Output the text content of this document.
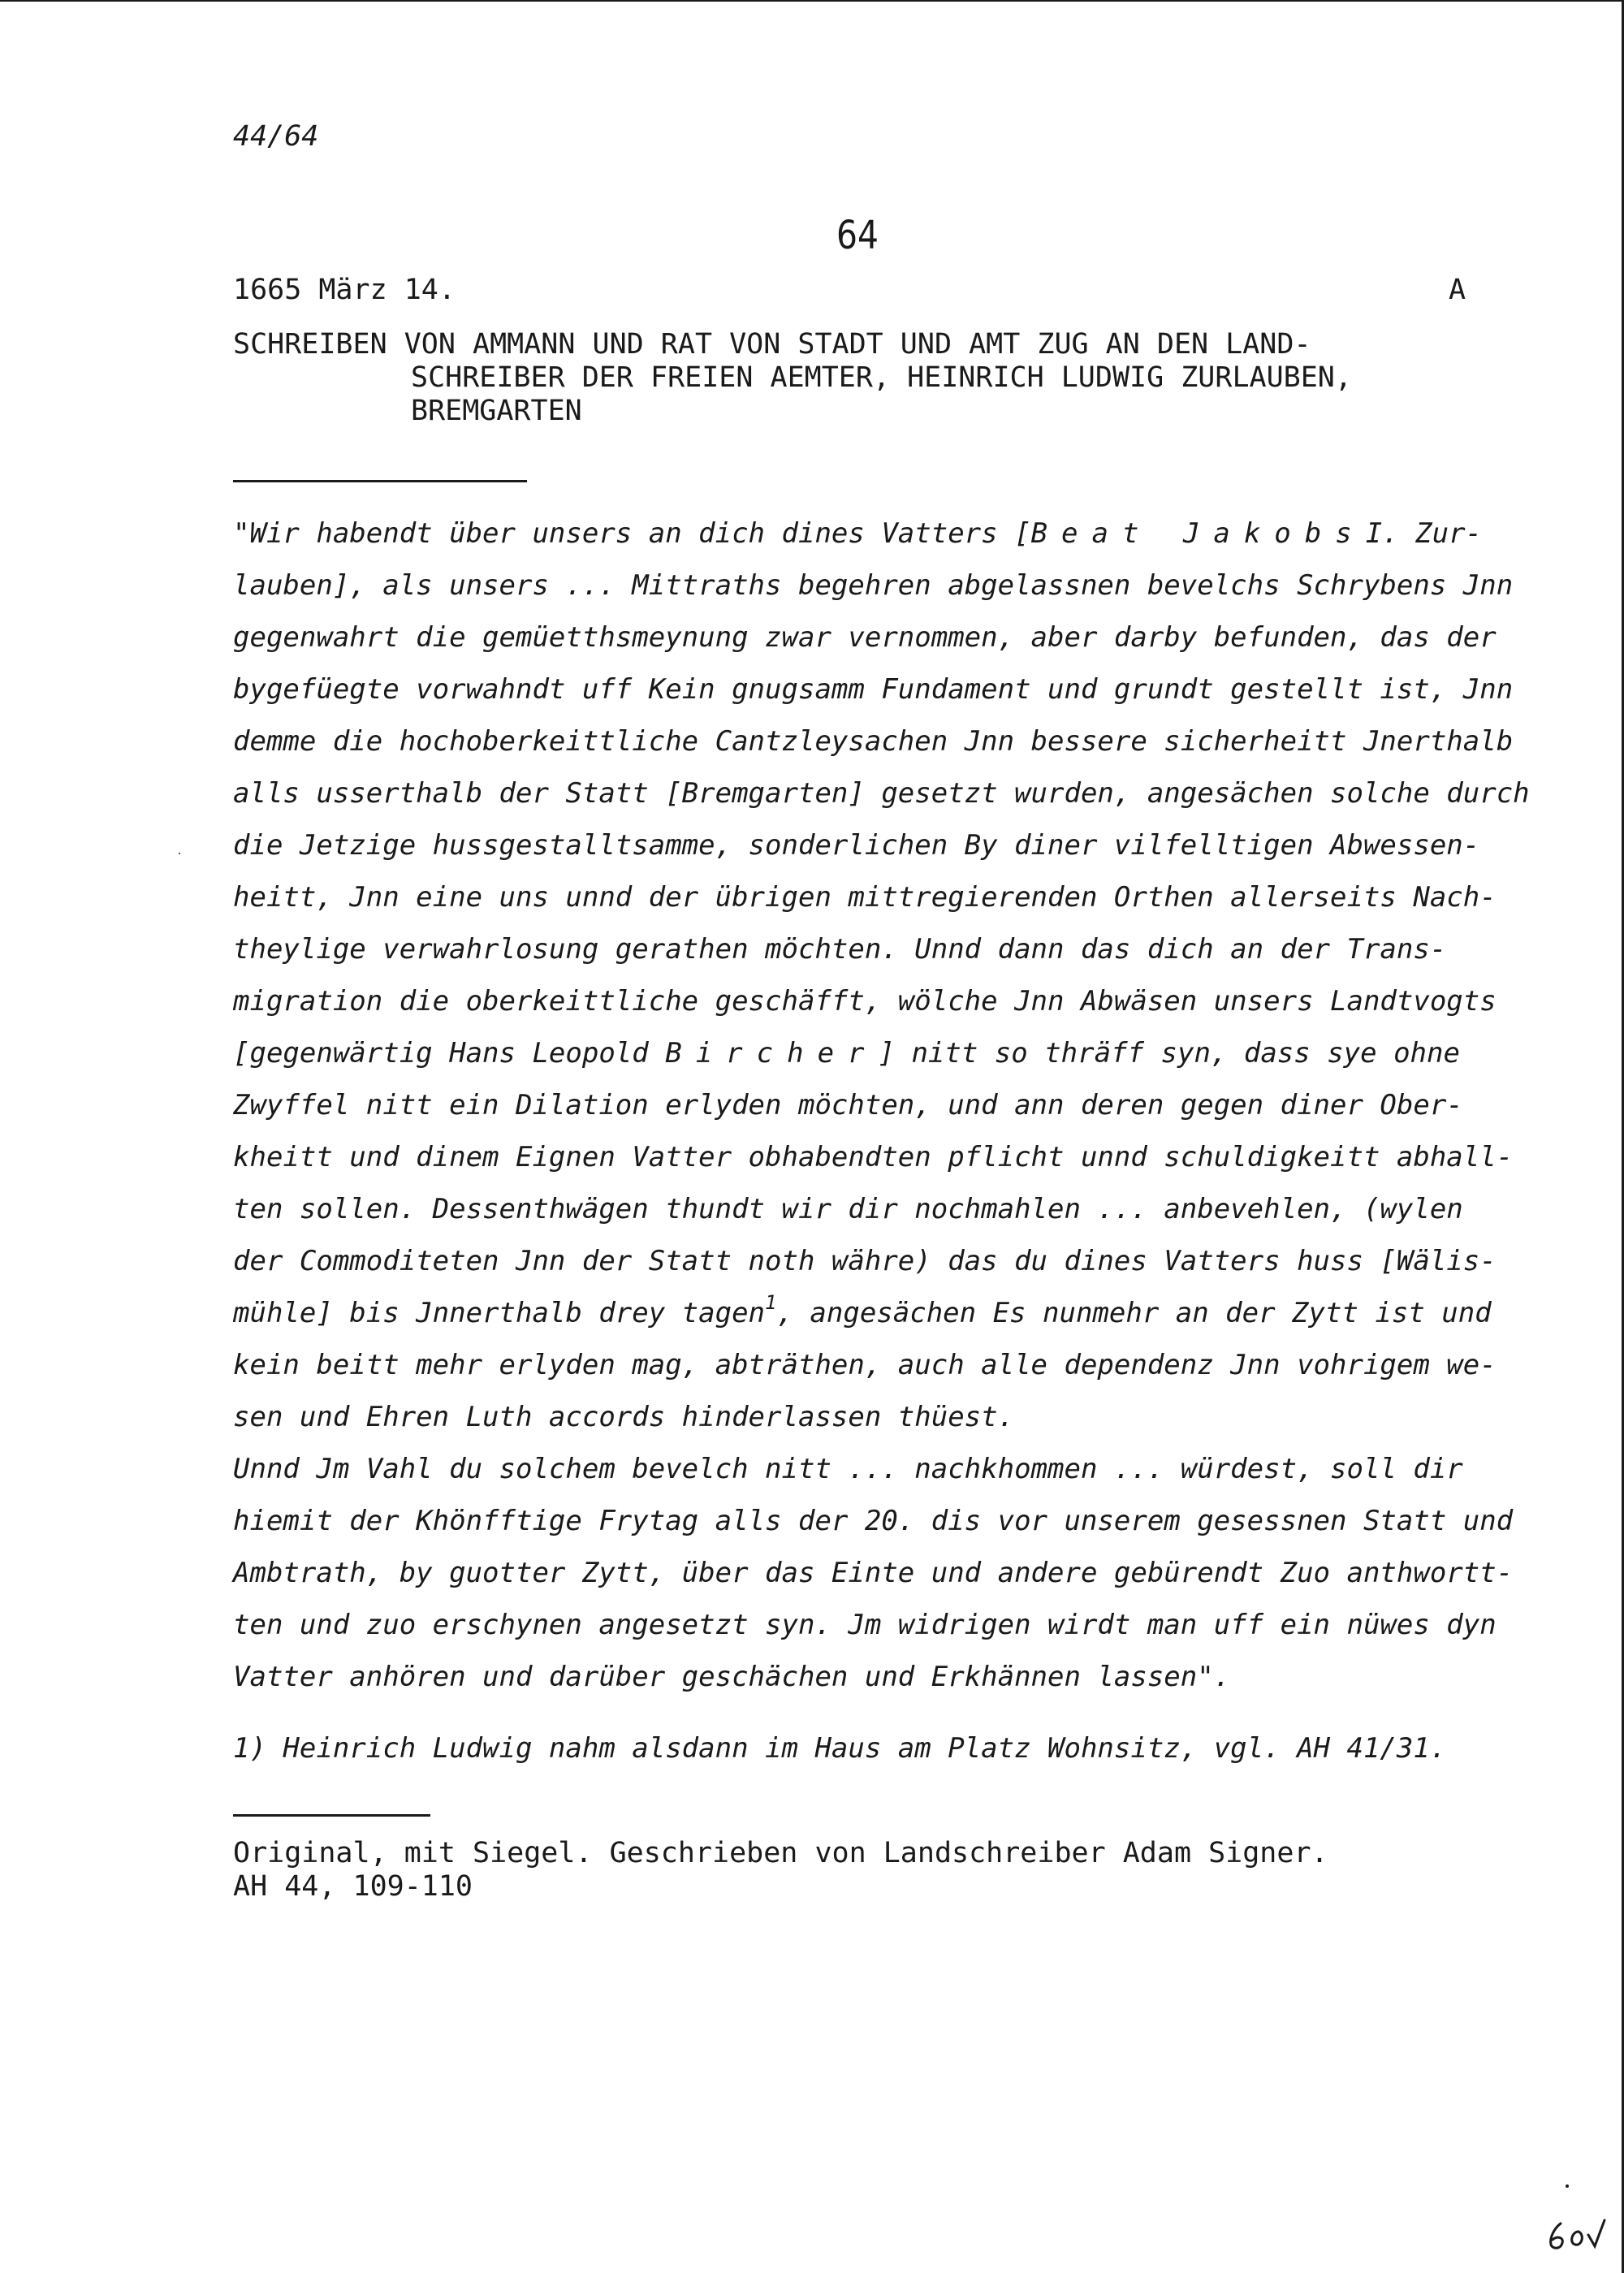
44/64
64
1665 März 14.	A
SCHREIBEN VON AMMANN UND RAT VON STADT UND AMT ZUG AN DEN LAND-
SCHREIBER DER FREIEN AEMTER, HEINRICH LUDWIG ZURLAUBEN,
BREMGARTEN
"Wir habendt über unsers an dich dines Vatters [Beat JakobsI. Zur-
lauben], als unsers ... Mittraths begehren abgelassnen bevelchs Schrybens Jnn
gegenwahrt die gemüetthsmeynung zwar vernommen, aber darby befunden, das der
bygefüegte vorwahndt uff Kein gnugsamm Fundament und grundt gestellt ist, Jnn
demme die hochoberkeittliche Cantzleysachen Jnn bessere sicherheitt Jnerthalb
alls usserthalb der Statt [Bremgarten] gesetzt wurden, angesächen solche durch
die Jetzige hussgestalltsamme, sonderlichen By diner vilfelltigen Abwessen-
heitt, Jnn eine uns unnd der übrigen mittregierenden Orthen allerseits Nach-
theylige verwahrlosung gerathen möchten. Unnd dann das dich an der Trans-
migration die oberkeittliche geschäfft, wölche Jnn Abwäsen unsers Landtvogts
[gegenwärtig Hans Leopold Bircher] nitt so thräff syn, dass sye ohne
Zwyffel nitt ein Dilation erlyden möchten, und ann deren gegen diner Ober-
kheitt und dinem Eignen Vatter obhabendten pflicht unnd schuldigkeitt abhall-
ten sollen. Dessenthwägen thundt wir dir nochmahlen ... anbevehlen, (wylen
der Commoditeten Jnn der Statt noth währe) das du dines Vatters huss [Wälis-
mühle] bis Jnnerthalb drey tagen$^1$, angesächen Es nunmehr an der Zytt ist und
kein beitt mehr erlyden mag, abträthen, auch alle dependenz Jnn vohrigem we-
sen und Ehren Luth accords hinderlassen thüest.
Unnd Jm Vahl du solchem bevelch nitt ... nachkhommen ... würdest, soll dir
hiemit der Khönfftige Frytag alls der 20. dis vor unserem gesessnen Statt und
Ambtrath, by guotter Zytt, über das Einte und andere gebürendt Zuo anthwortt-
ten und zuo erschynen angesetzt syn. Jm widrigen wirdt man uff ein nüwes dyn
Vatter anhören und darüber geschächen und Erkhännen lassen".
1) Heinrich Ludwig nahm alsdann im Haus am Platz Wohnsitz, vgl. AH 41/31.
Original, mit Siegel. Geschrieben von Landschreiber Adam Signer.
AH 44, 109-110
